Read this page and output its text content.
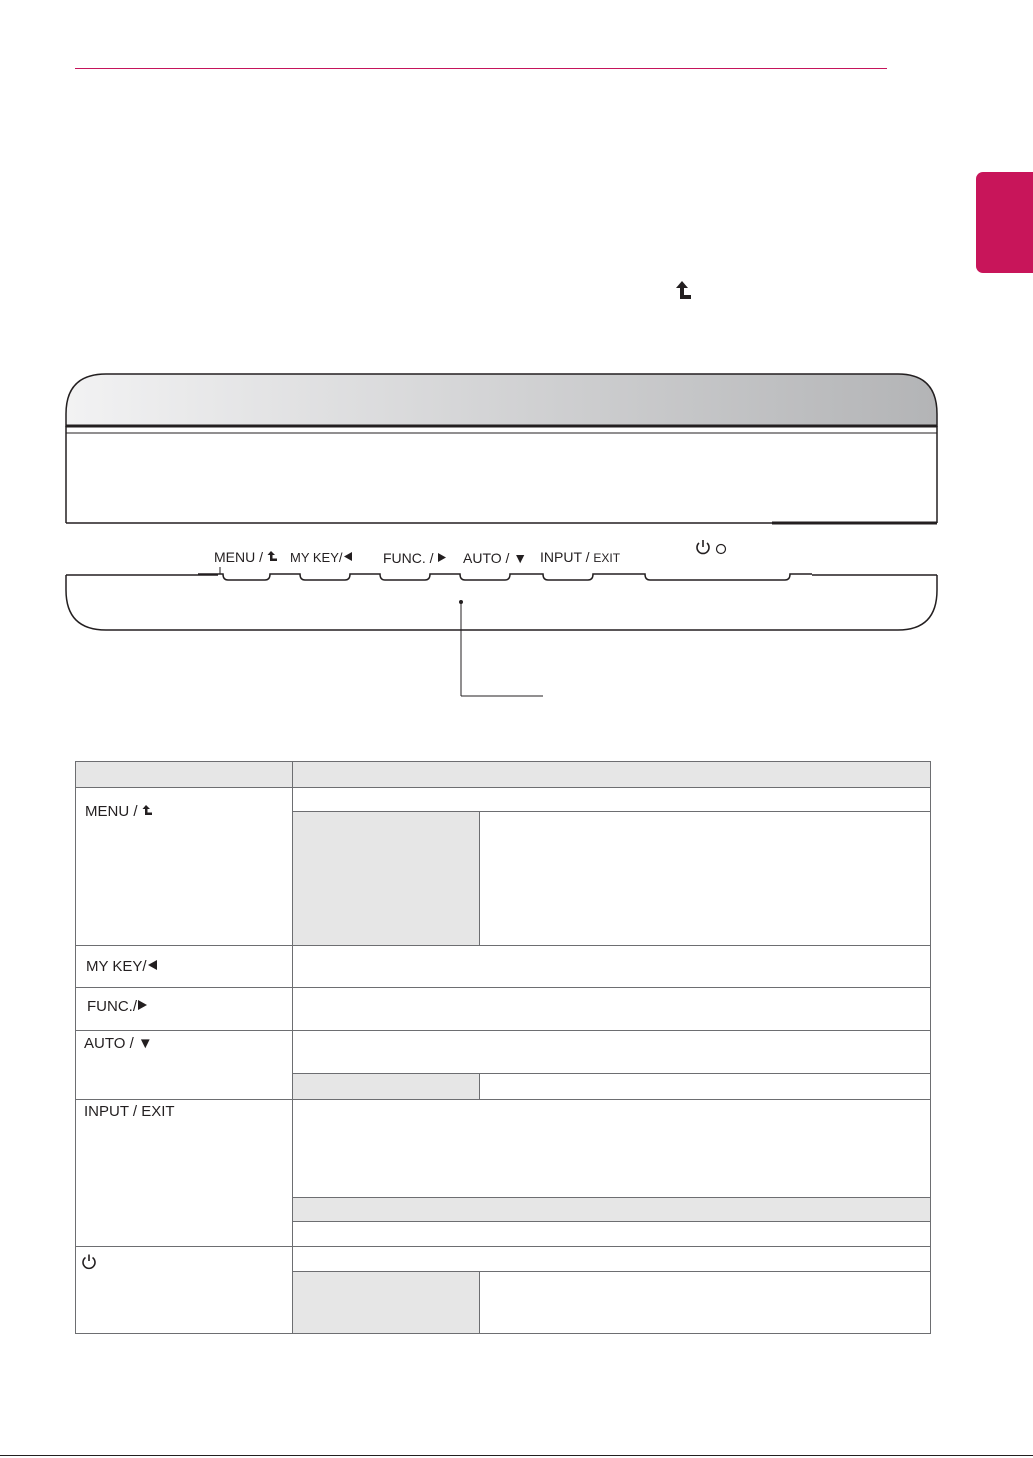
MENU /	MY KEY/	FUNC. /	AUTO / ▼ INPUT / EXIT
MENU /
MY KEY/
FUNC./
AUTO / ▼
INPUT / EXIT
